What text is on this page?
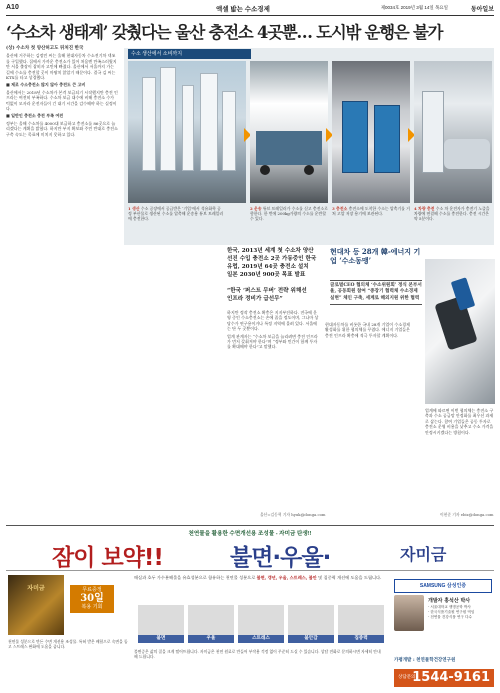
A10	액셀 밟는 수소경제	제0034호 2019년 3월 14일 목요일	동아일보
‘수소차 생태계’ 갖췄다는 울산 충전소 4곳뿐… 도시밖 운행은 불가

(상) 수소차 첫 양산허고도 뒤처진 한국

울산에 거주하는 김정민 씨는 올해 현대자동차 수소전기차 넥쏘를 구입했다. 집에서 가까운 충전소가 있어 처음엔 만족스러웠지만 서울 출장이 잡히자 고민에 빠졌다. 울산에서 서울까지 가는 길에 수소를 충전할 곳이 마땅치 않았기 때문이다. 결국 김 씨는 KTX를 타고 상경했다.

■ 제로 수소충전소 많지 않아 충전도 큰 고비

울산에서는 2018년 수소차가 본격 보급되기 시작했지만 충전 인프라는 여전히 부족하다. 수소차 보급 대수에 비해 충전소 수가 턱없이 모자라 운전자들이 긴 대기 시간을 감수해야 하는 실정이다.

■ 일반인 충전소 충전 부족 여전

정부는 올해 수소차를 4000대 보급하고 충전소를 86곳으로 늘리겠다는 계획을 밝혔다. 하지만 부지 확보와 주민 반대로 충전소 구축 속도는 목표에 미치지 못하고 있다.

수소 생산에서 소비까지
1 생산 수소 공장에서 공급받은 ‘기업’에서 석유화학 공정 부산물로 생산된 수소를 압축해 운송용 튜브 트레일러에 충전한다.
2 운송 튜브 트레일러가 수소를 싣고 충전소로 향한다. 한 번에 200kg가량의 수소를 운반할 수 있다.
3 충전소 충전소에 도착한 수소는 압축기를 거쳐 고압 저장 용기에 보관된다.
4 차량 충전 수소 차 운전자가 충전기 노즐을 차량에 연결해 수소를 충전한다. 충전 시간은 약 5분이다.
한국, 2013년 세계 첫 수소차 양산
선진 수입 충전소 2곳 가동중인 한국
유럽, 2019년 64곳 충전소 설치
일본 2030년 900곳 목표 발표
“한국 ‘퍼스트 무버’ 전략 위해선
인프라 정비가 급선무”

하지만 정작 충전소 확충은 지지부진하다. 전국에 운영 중인 수소충전소는 손에 꼽을 정도이며, 그나마 상당수가 연구용이거나 특정 지역에 몰려 있다. 서울에는 단 두 곳뿐이다.

업계 관계자는 “수소차 보급을 늘리려면 충전 인프라가 먼저 갖춰져야 한다”며 “정부와 민간이 함께 투자를 확대해야 한다”고 말했다.

울산=김동혁 기자 hyuk@donga.com
현대차 등 28개 韓-에너지 기업 ‘수소동맹’
글로벌CEO 협의체 ‘수소위원회’ 정식 본부서울, 공동회원 참여 “중장기 협력체 수소경제 실현” 체인 구축, 세계로 해외지원 위한 협력

현대자동차를 비롯한 국내 28개 기업이 수소경제 활성화를 위한 협의체를 꾸렸다. 에너지 기업들은 충전 인프라 확충에 적극 투자할 계획이다.

업계에 따르면 이번 협의체는 충전소 구축과 수소 공급망 안정화를 최우선 과제로 삼는다. 참여 기업들은 공동 투자로 충전소 운영 비용을 낮추고 수소 가격을 안정시키겠다는 방침이다.

이현준 기자 ebiz@donga.com
천연물을 활용한 수면개선용 조성물 - 자미금 탄생!!
잠이 보약!!	불면·우울·	자미금
자미금	무료증정
30일
복용 기회
천연물 성분으로 만든 수면 개선용 조성물. 특허 받은 배합으로 숙면을 돕고 스트레스 완화에 도움을 줍니다.
매실과 호두 가수분해물을 유효성분으로 함유하는 천연물 성분으로 불면, 갱년, 우울, 스트레스, 불안 및 집중력 개선에 도움을 드립니다.
불면	우울	스트레스	불안감	집중력
불면증은 삶의 질을 크게 떨어뜨립니다. 자미금은 천연 원료로 만들어 부작용 걱정 없이 꾸준히 드실 수 있습니다. 상담 전화로 문의하시면 자세히 안내해 드립니다.
SAMSUNG 삼성인증
개발자 홍석산 박사
- 서울대학교 생명공학 박사
- 한국식품기술원 연구원 역임
- 천연물 건강식품 연구 다수
가평개발 : 천연물학건강연구원
상담문의
1544-9161
